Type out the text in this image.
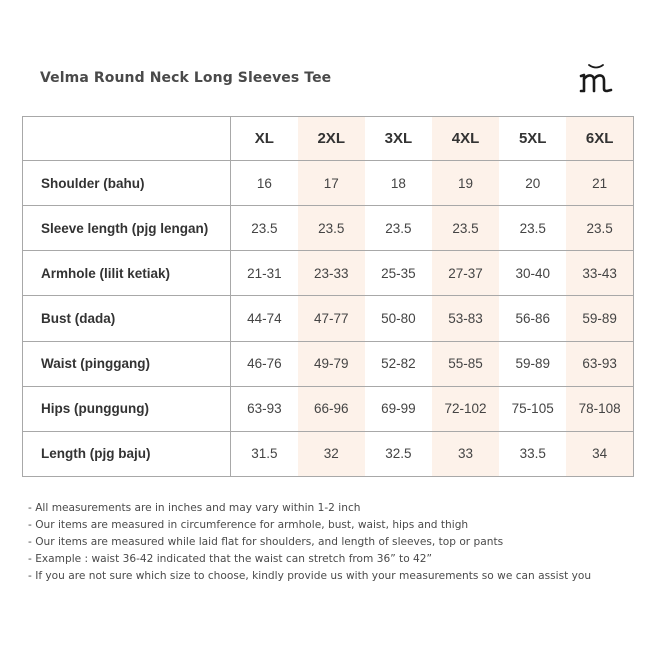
Velma Round Neck Long Sleeves Tee
	XL	2XL	3XL	4XL	5XL	6XL
Shoulder (bahu)	16	17	18	19	20	21
Sleeve length (pjg lengan)	23.5	23.5	23.5	23.5	23.5	23.5
Armhole (lilit ketiak)	21-31	23-33	25-35	27-37	30-40	33-43
Bust (dada)	44-74	47-77	50-80	53-83	56-86	59-89
Waist (pinggang)	46-76	49-79	52-82	55-85	59-89	63-93
Hips (punggung)	63-93	66-96	69-99	72-102	75-105	78-108
Length (pjg baju)	31.5	32	32.5	33	33.5	34
- All measurements are in inches and may vary within 1-2 inch
- Our items are measured in circumference for armhole, bust, waist, hips and thigh
- Our items are measured while laid flat for shoulders, and length of sleeves, top or pants
- Example : waist 36-42 indicated that the waist can stretch from 36” to 42”
- If you are not sure which size to choose, kindly provide us with your measurements so we can assist you
